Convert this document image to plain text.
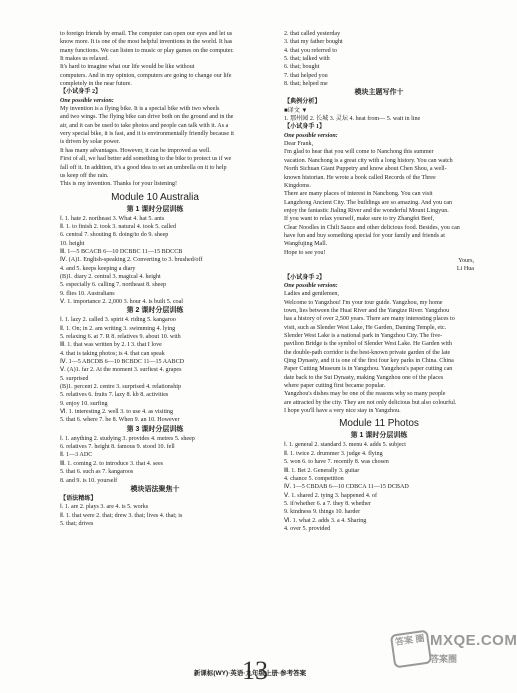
to foreign friends by email. The computer can open our eyes and let us

know more. It is one of the most helpful inventions in the world. It has

many functions. We can listen to music or play games on the computer.

It makes us relaxed.

It's hard to imagine what our life would be like without

computers. And in my opinion, computers are going to change our life

completely in the near future.

【小试身手 2】

One possible version:

My invention is a flying bike. It is a special bike with two wheels

and two wings. The flying bike can drive both on the ground and in the

air, and it can be used to take photos and people can talk with it. As a

very special bike, it is fast, and it is environmentally friendly because it

is driven by solar power.

It has many advantages. However, it can be improved as well.

First of all, we had better add something to the bike to protect us if we

fall off it. In addition, it's a good idea to set an umbrella on it to help

us keep off the rain.

This is my invention. Thanks for your listening!

Module 10 Australia
第 1 课时分层训练

Ⅰ. 1. hate 2. northeast 3. What 4. hat 5. ants

Ⅱ. 1. to finish 2. took 3. natural 4. took 5. called

6. central 7. shouting 8. doing/to do 9. sheep

10. height

Ⅲ. 1—5 BCACB 6—10 DCBBC 11—15 BDCCB

Ⅳ. (A)1. English-speaking 2. Converting to 3. brushed/off

4. and 5. keeps keeping a diary

(B)1. diary 2. central 3. magical 4. height

5. especially 6. calling 7. northeast 8. sheep

9. flies 10. Australians

Ⅴ. 1. importance 2. 2,000 3. hour 4. is built 5. coal

第 2 课时分层训练

Ⅰ. 1. lazy 2. called 3. spirit 4. riding 5. kangaroo

Ⅱ. 1. On; in 2. am writing 3. swimming 4. lying

5. relaxing 6. at 7. R 8. relatives 9. about 10. with

Ⅲ. 1. that was written by 2. I 3. that I love

4. that is taking photos; is 4. that can speak

Ⅳ. 1—5 ABCDB 6—10 BCBDC 11—15 AABCD

Ⅴ. (A)1. far 2. At the moment 3. surfiest 4. grapes

5. surprised

(B)1. percent 2. centre 3. surprised 4. relationship

5. relatives 6. fruits 7. lazy 8. kb 8. activities

9. enjoy 10. surfing

Ⅵ. 1. interesting 2. well 3. to use 4. as visiting

5. that 6. where 7. be 8. When 9. an 10. However

第 3 课时分层训练

Ⅰ. 1. anything 2. studying 3. provides 4. metres 5. sheep

6. relatives 7. height 8. famous 9. stood 10. fell

Ⅱ. 1—3 ADC

Ⅲ. 1. coming 2. to introduce 3. that 4. sees

5. that 6. such as 7. kangaroos

8. and 9. is 10. yourself

模块语法聚焦十

【语法精练】

Ⅰ. 1. are 2. plays 3. are 4. is 5. works

Ⅱ. 1. that were 2. that; drew 3. that; lives 4. that; is

5. that; drives

2. that called yesterday

3. that my father bought

4. that you referred to

5. that; talked with

6. that; bought

7. that helped you

8. that; helped me

模块主题写作十

【典例分析】

■译文 ▼

1. 那州园 2. 长城 3. 灵坛 4. heat from— 5. wait in line

【小试身手 1】

One possible version:

Dear Frank,

I'm glad to hear that you will come to Nanchong this summer

vacation. Nanchong is a great city with a long history. You can watch

North Sichuan Giant Puppetry and know about Chen Shou, a well-

known historian. He wrote a book called Records of the Three

Kingdoms.

There are many places of interest in Nanchong. You can visit

Langzhong Ancient City. The buildings are so amazing. And you can

enjoy the fantastic Jialing River and the wonderful Mount Lingyun.

If you want to relax yourself, make sure to try Zhangfei Beef,

Clear Noodles in Chili Sauce and other delicious food. Besides, you can

have fun and buy something special for your family and friends at

Wangfujing Mall.

Hope to see you!

Yours,

Li Hua

【小试身手 2】

One possible version:

Ladies and gentlemen,

Welcome to Yangzhou! I'm your tour guide. Yangzhou, my home

town, lies between the Huai River and the Yangtze River. Yangzhou

has a history of over 2,500 years. There are many interesting places to

visit, such as Slender West Lake, He Garden, Daming Temple, etc.

Slender West Lake is a national park in Yangzhou City. The five-

pavilion Bridge is the symbol of Slender West Lake. He Garden with

the double-path corridor is the best-known private garden of the late

Qing Dynasty, and it is one of the first four key parks in China. China

Paper Cutting Museum is in Yangzhou. Yangzhou's paper cutting can

date back to the Sui Dynasty, making Yangzhou one of the places

where paper cutting first became popular.

Yangzhou's dishes may be one of the reasons why so many people

are attracted by the city. They are not only delicious but also colourful.

I hope you'll have a very nice stay in Yangzhou.

Module 11 Photos
第 1 课时分层训练

Ⅰ. 1. general 2. standard 3. menu 4. adds 5. subject

Ⅱ. 1. twice 2. drummer 3. judge 4. flying

5. won 6. to have 7. recently 8. was chosen

Ⅲ. 1. Bet 2. Generally 3. guitar

4. chance 5. competition

Ⅳ. 1—5 CBDAB 6—10 CDBCA 11—15 DCBAD

Ⅴ. 1. shared 2. tying 3. happened 4. of

5. if/whether 6. a 7. they 8. whether

9. kindness 9. things 10. harder

Ⅵ. 1. what 2. adds 3. a 4. Sharing

4. over 5. provided

13
新课标(WY)·英语·九年级上册·参考答案
答案 圈 MXQE.COM
答案圈
